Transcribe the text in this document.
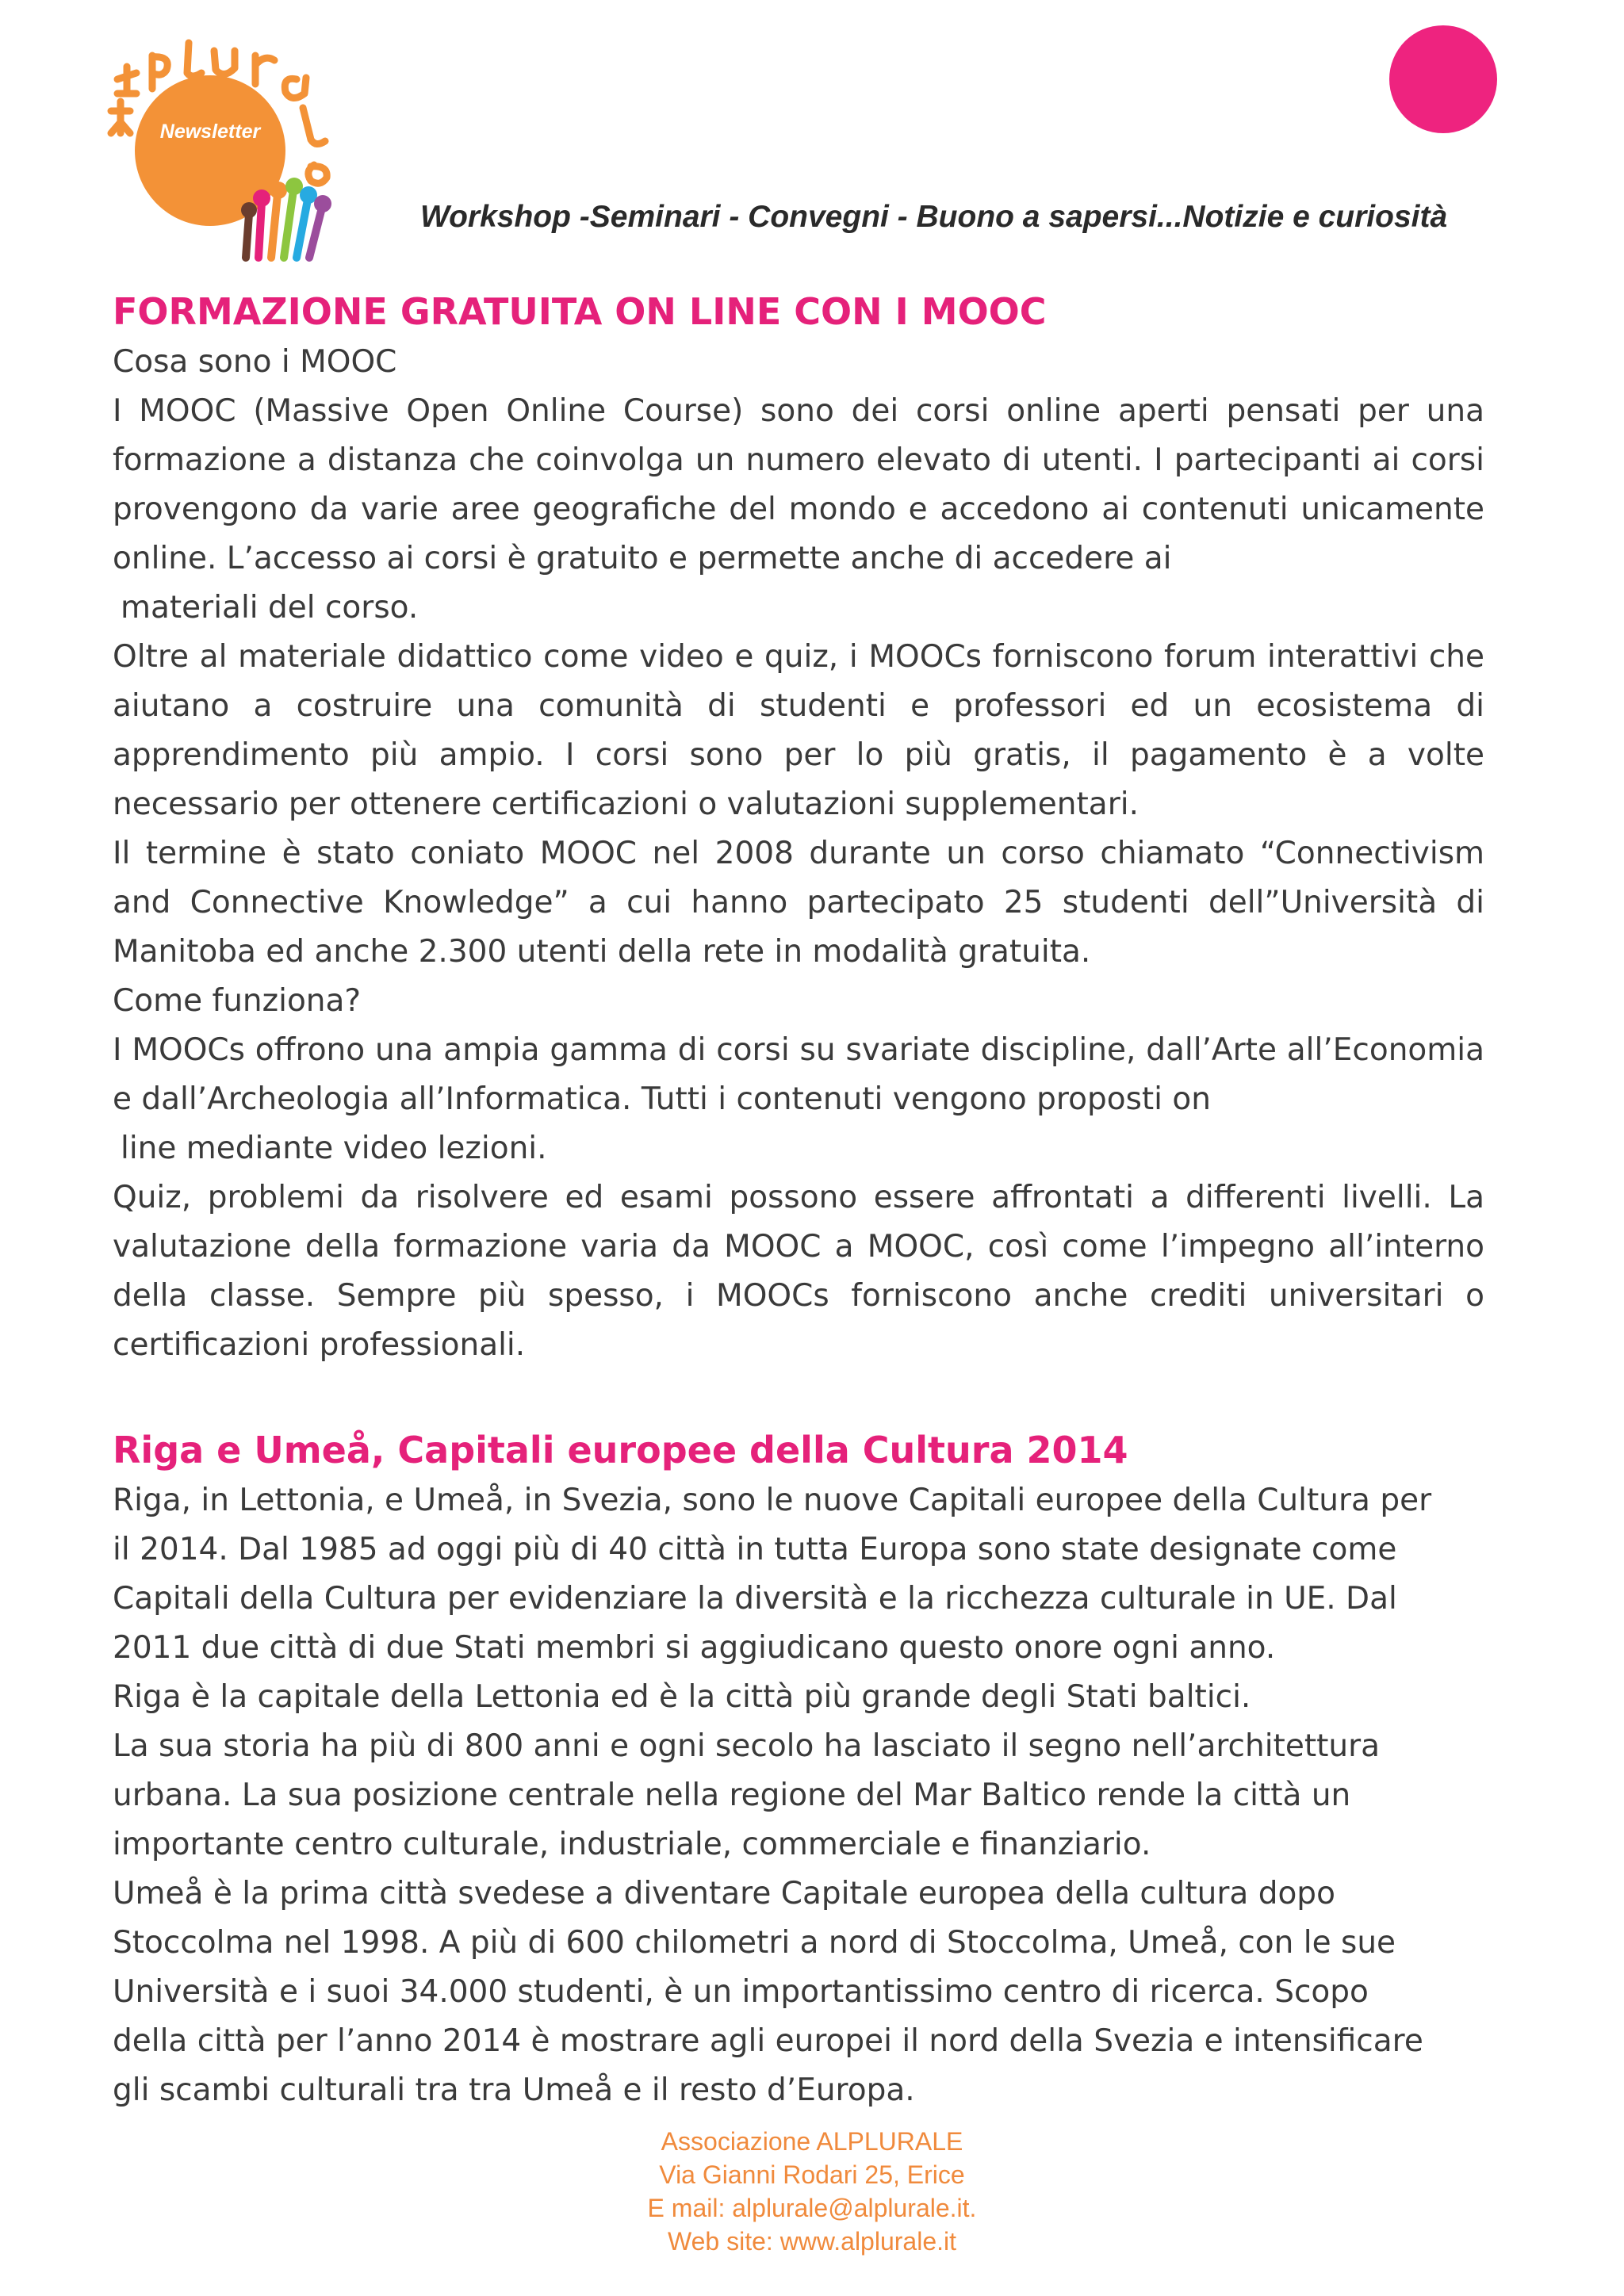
Newsletter
Workshop -Seminari - Convegni - Buono a sapersi...Notizie e curiosità
FORMAZIONE GRATUITA ON LINE CON I MOOC

Cosa sono i MOOC

I MOOC (Massive Open Online Course) sono dei corsi online aperti pensati per una formazione a distanza che coinvolga un numero elevato di utenti. I partecipanti ai corsi provengono da varie aree geografiche del mondo e accedono ai contenuti unicamente online. L’accesso ai corsi è gratuito e permette anche di accedere ai

materiali del corso.

Oltre al materiale didattico come video e quiz, i MOOCs forniscono forum interattivi che aiutano a costruire una comunità di studenti e professori ed un ecosistema di apprendimento più ampio. I corsi sono per lo più gratis, il pagamento è a volte necessario per ottenere certificazioni o valutazioni supplementari.

Il termine è stato coniato MOOC nel 2008 durante un corso chiamato “Connectivism and Connective Knowledge” a cui hanno partecipato 25 studenti dell”Università di Manitoba ed anche 2.300 utenti della rete in modalità gratuita.

Come funziona?

I MOOCs offrono una ampia gamma di corsi su svariate discipline, dall’Arte all’Economia e dall’Archeologia all’Informatica. Tutti i contenuti vengono proposti on

line mediante video lezioni.

Quiz, problemi da risolvere ed esami possono essere affrontati a differenti livelli. La valutazione della formazione varia da MOOC a MOOC, così come l’impegno all’interno della classe. Sempre più spesso, i MOOCs forniscono anche crediti universitari o certificazioni professionali.

Riga e Umeå, Capitali europee della Cultura 2014

Riga, in Lettonia, e Umeå, in Svezia, sono le nuove Capitali europee della Cultura per

il 2014. Dal 1985 ad oggi più di 40 città in tutta Europa sono state designate come

Capitali della Cultura per evidenziare la diversità e la ricchezza culturale in UE. Dal

2011 due città di due Stati membri si aggiudicano questo onore ogni anno.

Riga è la capitale della Lettonia ed è la città più grande degli Stati baltici.

La sua storia ha più di 800 anni e ogni secolo ha lasciato il segno nell’architettura

urbana. La sua posizione centrale nella regione del Mar Baltico rende la città un

importante centro culturale, industriale, commerciale e finanziario.

Umeå è la prima città svedese a diventare Capitale europea della cultura dopo

Stoccolma nel 1998. A più di 600 chilometri a nord di Stoccolma, Umeå, con le sue

Università e i suoi 34.000 studenti, è un importantissimo centro di ricerca. Scopo

della città per l’anno 2014 è mostrare agli europei il nord della Svezia e intensificare

gli scambi culturali tra tra Umeå e il resto d’Europa.

Associazione ALPLURALE
Via Gianni Rodari 25, Erice
E mail: alplurale@alplurale.it.
Web site: www.alplurale.it
